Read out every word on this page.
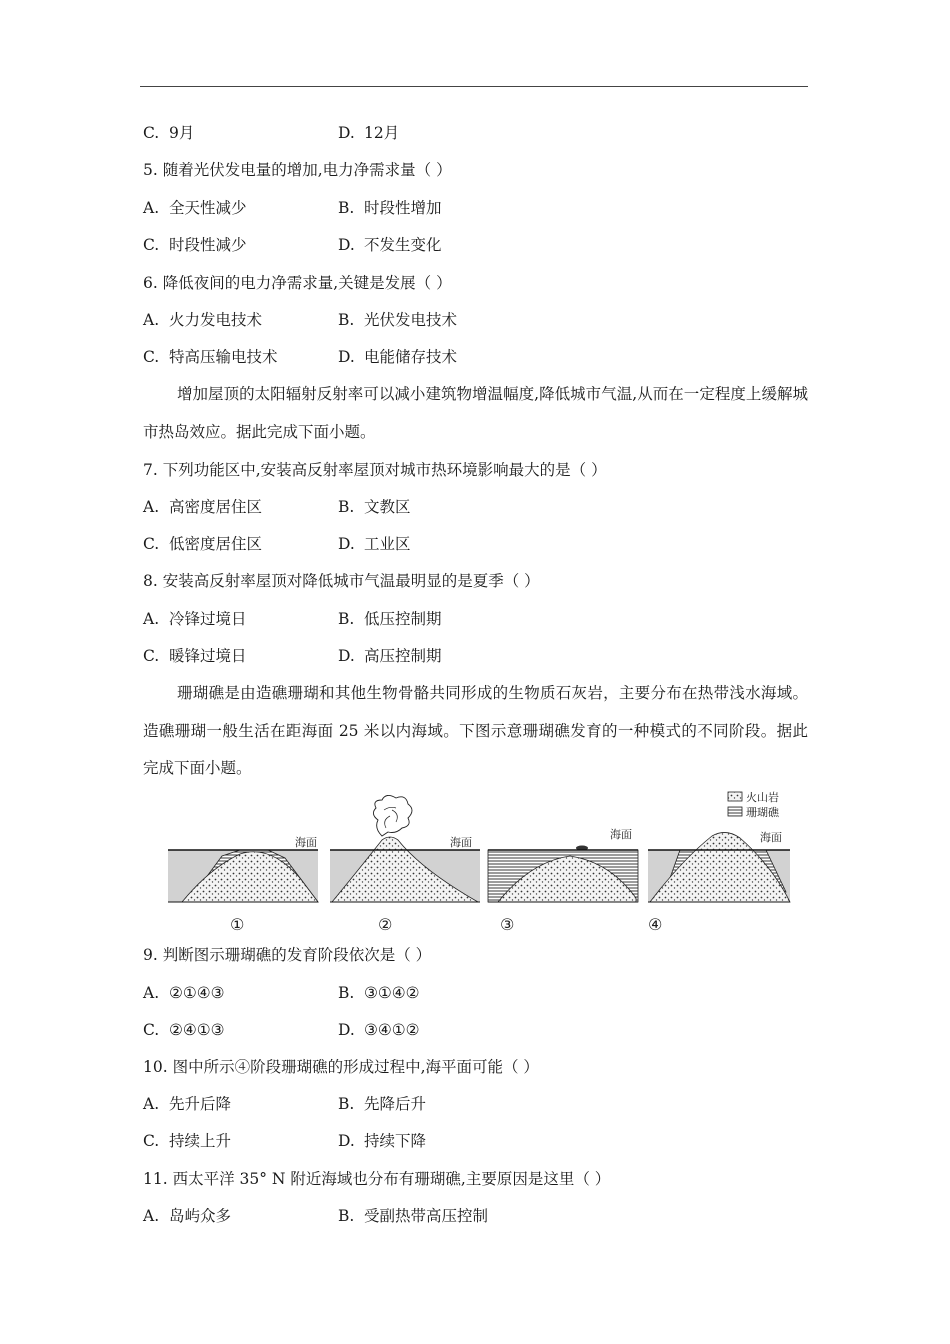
C. 9月	D. 12月
5. 随着光伏发电量的增加,电力净需求量（ ）
A. 全天性减少	B. 时段性增加
C. 时段性减少	D. 不发生变化
6. 降低夜间的电力净需求量,关键是发展（ ）
A. 火力发电技术	B. 光伏发电技术
C. 特高压输电技术	D. 电能储存技术
增加屋顶的太阳辐射反射率可以减小建筑物增温幅度,降低城市气温,从而在一定程度上缓解城市热岛效应。据此完成下面小题。
7. 下列功能区中,安装高反射率屋顶对城市热环境影响最大的是（ ）
A. 高密度居住区	B. 文教区
C. 低密度居住区	D. 工业区
8. 安装高反射率屋顶对降低城市气温最明显的是夏季（ ）
A. 冷锋过境日	B. 低压控制期
C. 暖锋过境日	D. 高压控制期
珊瑚礁是由造礁珊瑚和其他生物骨骼共同形成的生物质石灰岩，主要分布在热带浅水海域。造礁珊瑚一般生活在距海面 25 米以内海域。下图示意珊瑚礁发育的一种模式的不同阶段。据此完成下面小题。
火山岩
珊瑚礁
海面
①
海面
②
海面
③
海面
④
9. 判断图示珊瑚礁的发育阶段依次是（ ）
A. ②①④③	B. ③①④②
C. ②④①③	D. ③④①②
10. 图中所示④阶段珊瑚礁的形成过程中,海平面可能（ ）
A. 先升后降	B. 先降后升
C. 持续上升	D. 持续下降
11. 西太平洋 35° N 附近海域也分布有珊瑚礁,主要原因是这里（ ）
A. 岛屿众多	B. 受副热带高压控制
